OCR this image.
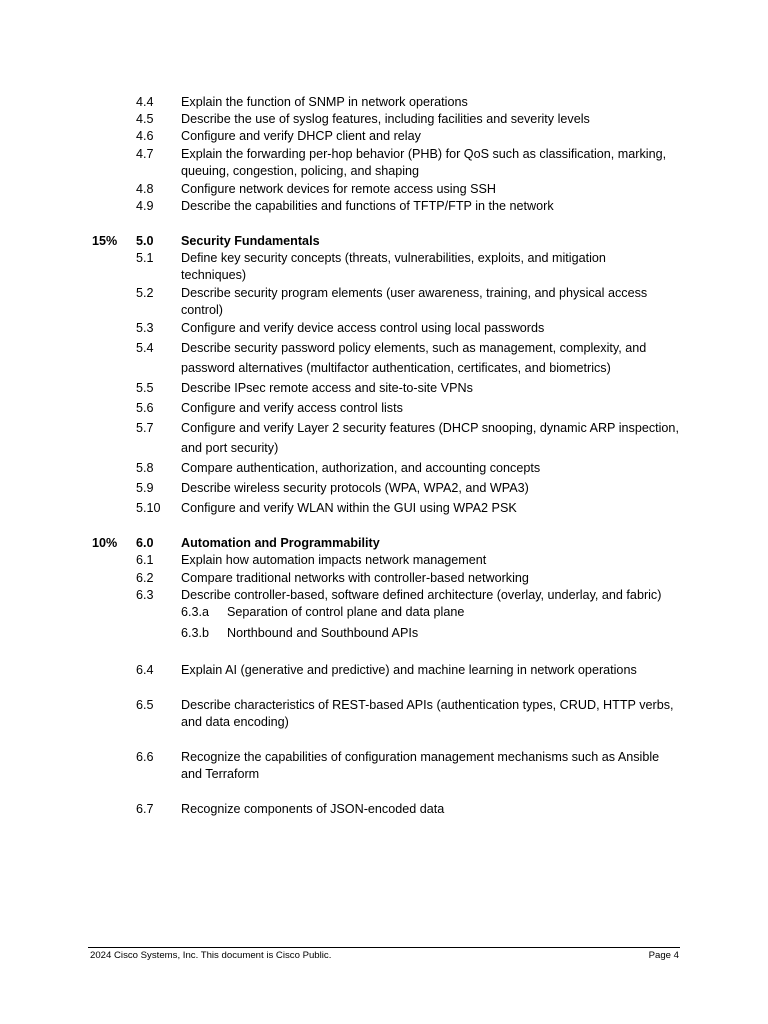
4.4 Explain the function of SNMP in network operations
4.5 Describe the use of syslog features, including facilities and severity levels
4.6 Configure and verify DHCP client and relay
4.7 Explain the forwarding per-hop behavior (PHB) for QoS such as classification, marking,
queuing, congestion, policing, and shaping
4.8 Configure network devices for remote access using SSH
4.9 Describe the capabilities and functions of TFTP/FTP in the network
15% 5.0 Security Fundamentals
5.1 Define key security concepts (threats, vulnerabilities, exploits, and mitigation
techniques)
5.2 Describe security program elements (user awareness, training, and physical access
control)
5.3 Configure and verify device access control using local passwords
5.4 Describe security password policy elements, such as management, complexity, and
password alternatives (multifactor authentication, certificates, and biometrics)
5.5 Describe IPsec remote access and site-to-site VPNs
5.6 Configure and verify access control lists
5.7 Configure and verify Layer 2 security features (DHCP snooping, dynamic ARP inspection,
and port security)
5.8 Compare authentication, authorization, and accounting concepts
5.9 Describe wireless security protocols (WPA, WPA2, and WPA3)
5.10 Configure and verify WLAN within the GUI using WPA2 PSK
10% 6.0 Automation and Programmability
6.1 Explain how automation impacts network management
6.2 Compare traditional networks with controller-based networking
6.3 Describe controller-based, software defined architecture (overlay, underlay, and fabric)
6.3.a Separation of control plane and data plane
6.3.b Northbound and Southbound APIs
6.4 Explain AI (generative and predictive) and machine learning in network operations
6.5 Describe characteristics of REST-based APIs (authentication types, CRUD, HTTP verbs,
and data encoding)
6.6 Recognize the capabilities of configuration management mechanisms such as Ansible
and Terraform
6.7 Recognize components of JSON-encoded data
2024 Cisco Systems, Inc. This document is Cisco Public.	Page 4
